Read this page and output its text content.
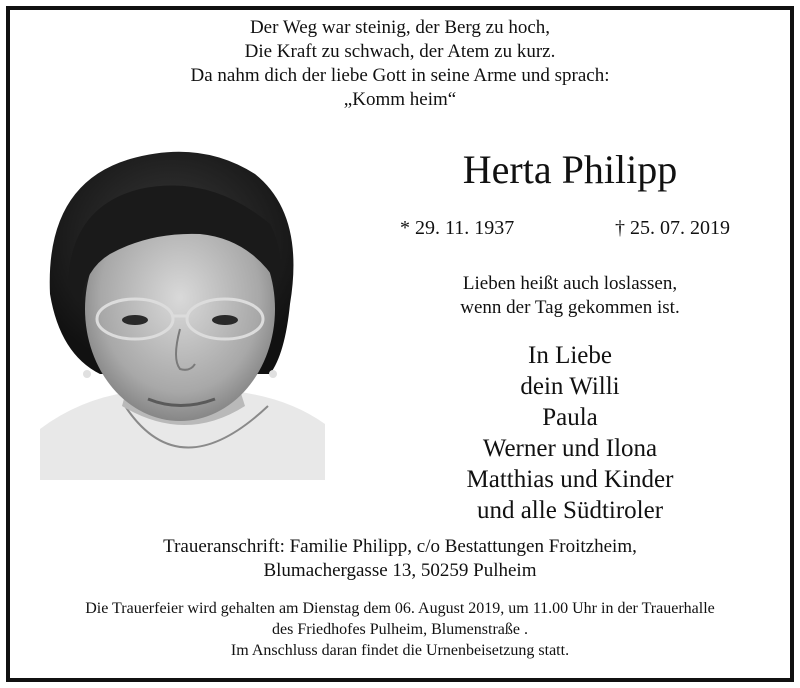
Der Weg war steinig, der Berg zu hoch,
Die Kraft zu schwach, der Atem zu kurz.
Da nahm dich der liebe Gott in seine Arme und sprach:
„Komm heim“
Herta Philipp
* 29. 11. 1937	† 25. 07. 2019
Lieben heißt auch loslassen,
wenn der Tag gekommen ist.
In Liebe
dein Willi
Paula
Werner und Ilona
Matthias und Kinder
und alle Südtiroler
Traueranschrift: Familie Philipp, c/o Bestattungen Froitzheim,
Blumachergasse 13, 50259 Pulheim
Die Trauerfeier wird gehalten am Dienstag dem 06. August 2019, um 11.00 Uhr in der Trauerhalle
des Friedhofes Pulheim, Blumenstraße .
Im Anschluss daran findet die Urnenbeisetzung statt.
